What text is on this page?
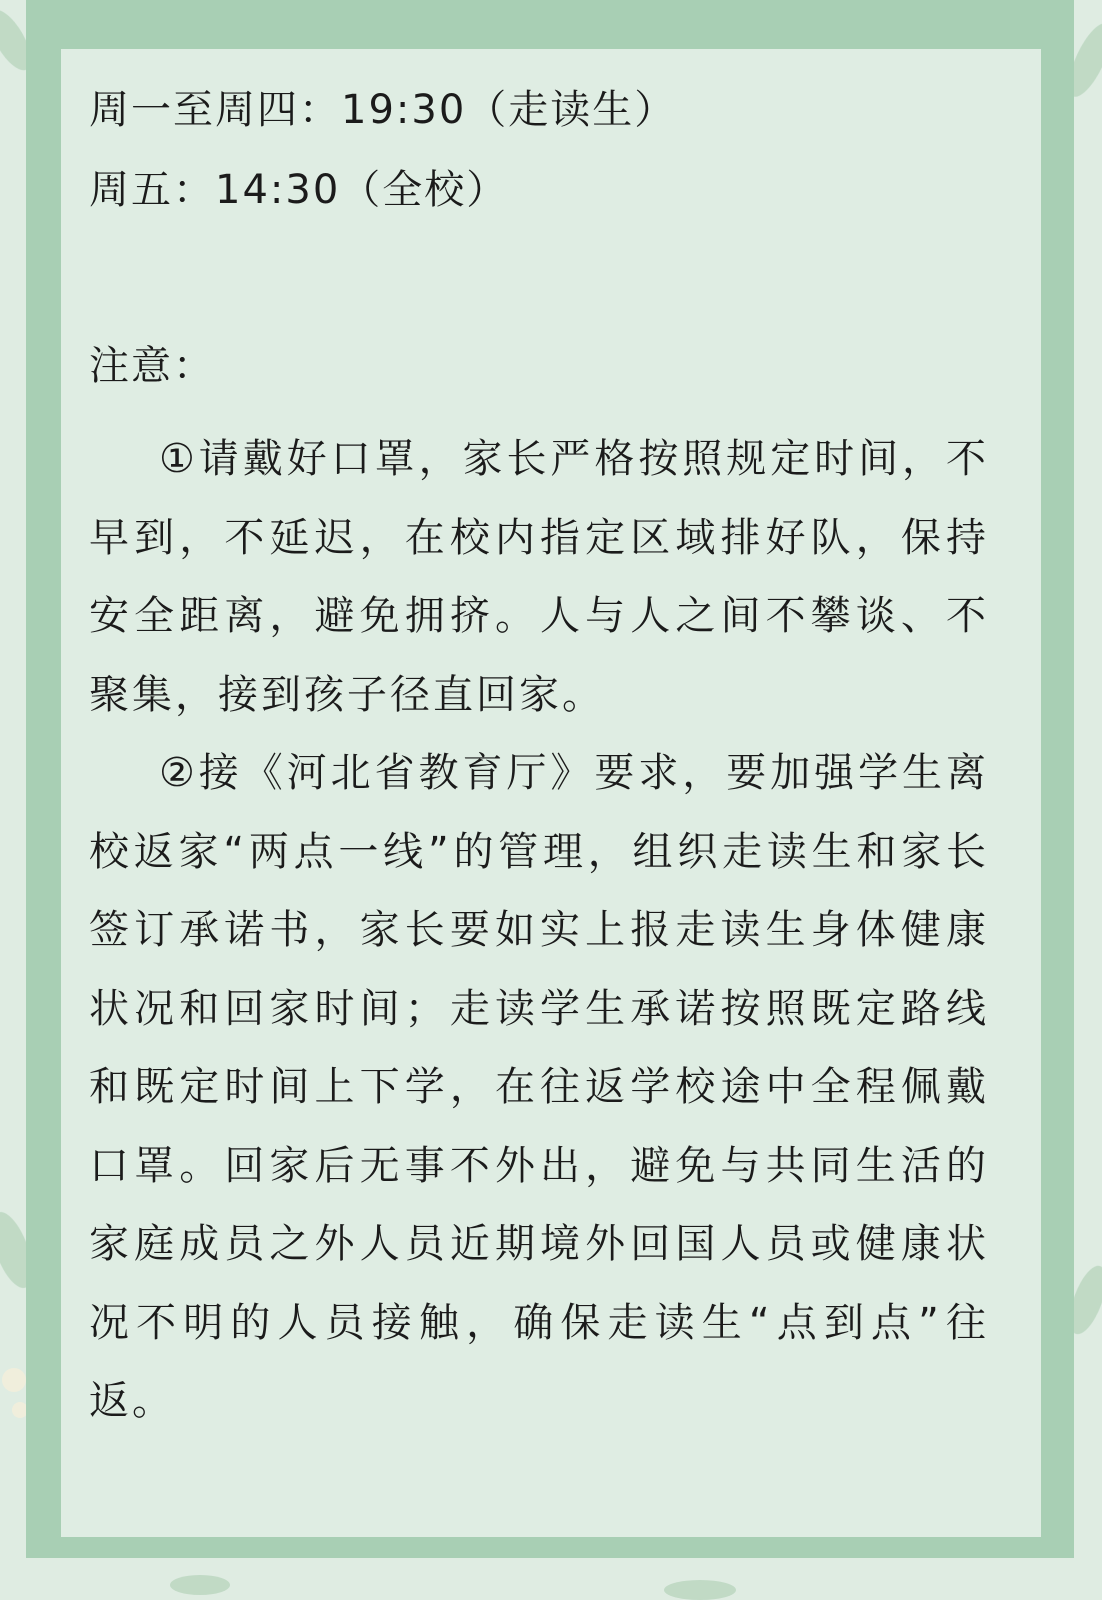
周一至周四：19:30（走读生）
周五：14:30（全校）
注意：

①请戴好口罩，家长严格按照规定时间，不早到，不延迟，在校内指定区域排好队，保持安全距离，避免拥挤。人与人之间不攀谈、不聚集，接到孩子径直回家。

②接《河北省教育厅》要求，要加强学生离校返家“两点一线”的管理，组织走读生和家长签订承诺书，家长要如实上报走读生身体健康状况和回家时间；走读学生承诺按照既定路线和既定时间上下学，在往返学校途中全程佩戴口罩。回家后无事不外出，避免与共同生活的家庭成员之外人员近期境外回国人员或健康状况不明的人员接触，确保走读生“点到点”往返。
